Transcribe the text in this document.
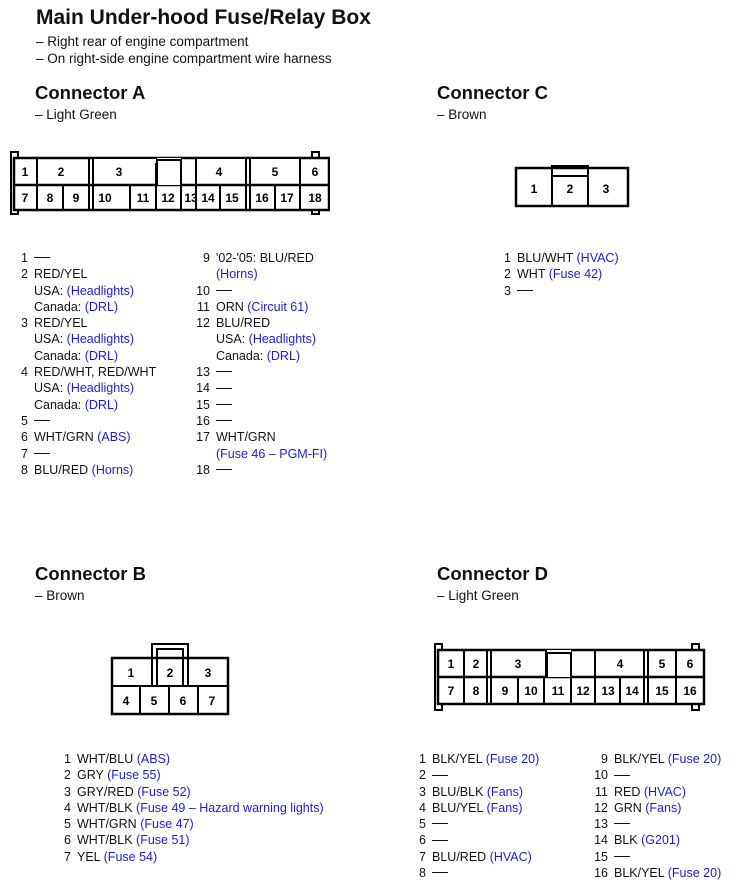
Main Under-hood Fuse/Relay Box
– Right rear of engine compartment
– On right-side engine compartment wire harness
Connector A
– Light Green
1 2	3	4	5	6
7 8 9 10 11 12 13 14 15 16 17 18
1
2 RED/YEL
USA: (Headlights)
Canada: (DRL)
3 RED/YEL
USA: (Headlights)
Canada: (DRL)
4 RED/WHT, RED/WHT
USA: (Headlights)
Canada: (DRL)
5
6 WHT/GRN (ABS)
7
8 BLU/RED (Horns)
9 '02-'05: BLU/RED
(Horns)
10
11 ORN (Circuit 61)
12 BLU/RED
USA: (Headlights)
Canada: (DRL)
13
14
15
16
17 WHT/GRN
(Fuse 46 – PGM-FI)
18
Connector C
– Brown
1 2 3
1 BLU/WHT (HVAC)
2 WHT (Fuse 42)
3
Connector B
– Brown
1	2	3
4 5 6 7
1 WHT/BLU (ABS)
2 GRY (Fuse 55)
3 GRY/RED (Fuse 52)
4 WHT/BLK (Fuse 49 – Hazard warning lights)
5 WHT/GRN (Fuse 47)
6 WHT/BLK (Fuse 51)
7 YEL (Fuse 54)
Connector D
– Light Green
1 2	3	4	5 6
7 8 9 10 11 12 13 14 15 16
1 BLK/YEL (Fuse 20)
2
3 BLU/BLK (Fans)
4 BLU/YEL (Fans)
5
6
7 BLU/RED (HVAC)
8
9 BLK/YEL (Fuse 20)
10
11 RED (HVAC)
12 GRN (Fans)
13
14 BLK (G201)
15
16 BLK/YEL (Fuse 20)
